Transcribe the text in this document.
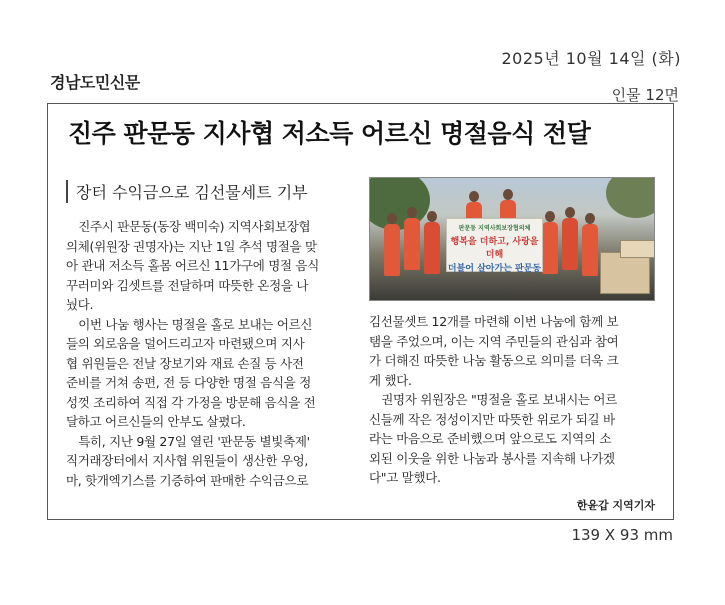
2025년 10월 14일 (화)
경남도민신문
인물 12면
진주 판문동 지사협 저소득 어르신 명절음식 전달
장터 수익금으로 김선물세트 기부
판문동 지역사회보장협의체
행복을 더하고, 사랑을 더해
더불어 살아가는 판문동
진주시 판문동 지역사회보장협의체
　진주시 판문동(동장 백미숙) 지역사회보장협
의체(위원장 권명자)는 지난 1일 추석 명절을 맞
아 관내 저소득 홀몸 어르신 11가구에 명절 음식
꾸러미와 김셋트를 전달하며 따뜻한 온정을 나
눴다.
　이번 나눔 행사는 명절을 홀로 보내는 어르신
들의 외로움을 덜어드리고자 마련됐으며 지사
협 위원들은 전날 장보기와 재료 손질 등 사전
준비를 거쳐 송편, 전 등 다양한 명절 음식을 정
성껏 조리하여 직접 각 가정을 방문해 음식을 전
달하고 어르신들의 안부도 살폈다.
　특히, 지난 9월 27일 열린 '판문동 별빛축제'
직거래장터에서 지사협 위원들이 생산한 우엉,
마, 핫개엑기스를 기증하여 판매한 수익금으로
김선물셋트 12개를 마련해 이번 나눔에 함께 보
탬을 주었으며, 이는 지역 주민들의 관심과 참여
가 더해진 따뜻한 나눔 활동으로 의미를 더욱 크
게 했다.
　권명자 위원장은 "명절을 홀로 보내시는 어르
신들께 작은 정성이지만 따뜻한 위로가 되길 바
라는 마음으로 준비했으며 앞으로도 지역의 소
외된 이웃을 위한 나눔과 봉사를 지속해 나가겠
다"고 말했다.
한윤갑 지역기자
139 X 93 mm
